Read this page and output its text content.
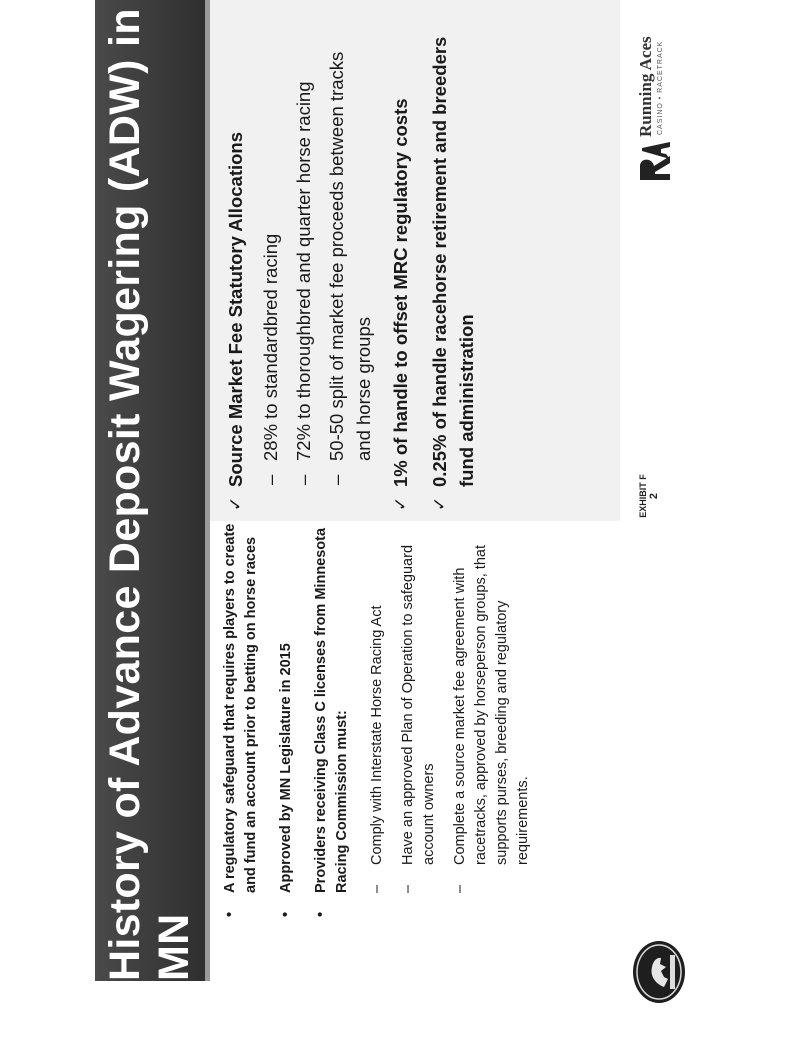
History of Advance Deposit Wagering (ADW) in MN
• A regulatory safeguard that requires players to create and fund an account prior to betting on horse races • Approved by MN Legislature in 2015 • Providers receiving Class C licenses from Minnesota Racing Commission must: – Comply with Interstate Horse Racing Act – Have an approved Plan of Operation to safeguard account owners – Complete a source market fee agreement with racetracks, approved by horseperson groups, that supports purses, breeding and regulatory requirements.
✓
Source Market Fee Statutory Allocations – 28% to standardbred racing – 72% to thoroughbred and quarter horse racing – 50-50 split of market fee proceeds between tracks and horse groups
✓
1% of handle to offset MRC regulatory costs
✓
0.25% of handle racehorse retirement and breeders fund administration
EXHIBIT F 2
Running Aces CASINO • RACETRACK
